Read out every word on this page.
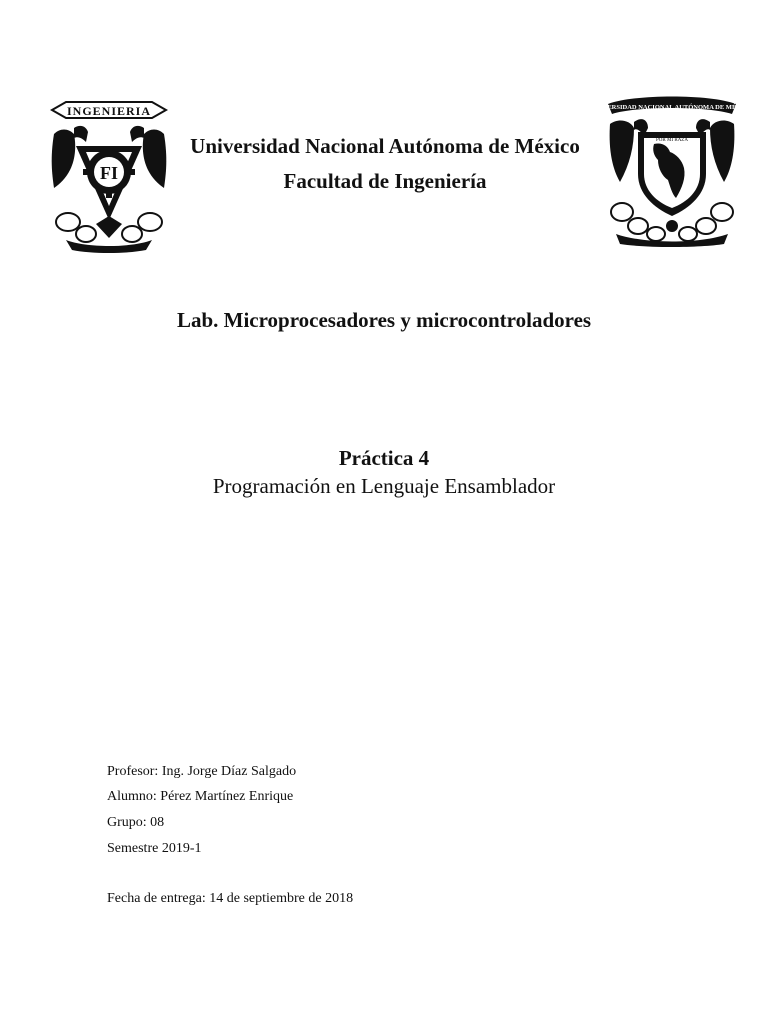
INGENIERIA
FI
UNIVERSIDAD NACIONAL AUTÓNOMA DE MÉXICO
POR MI RAZA
Universidad Nacional Autónoma de México
Facultad de Ingeniería
Lab. Microprocesadores y microcontroladores
Práctica 4
Programación en Lenguaje Ensamblador
Profesor: Ing. Jorge Díaz Salgado
Alumno: Pérez Martínez Enrique
Grupo: 08
Semestre 2019-1
Fecha de entrega: 14 de septiembre de 2018
